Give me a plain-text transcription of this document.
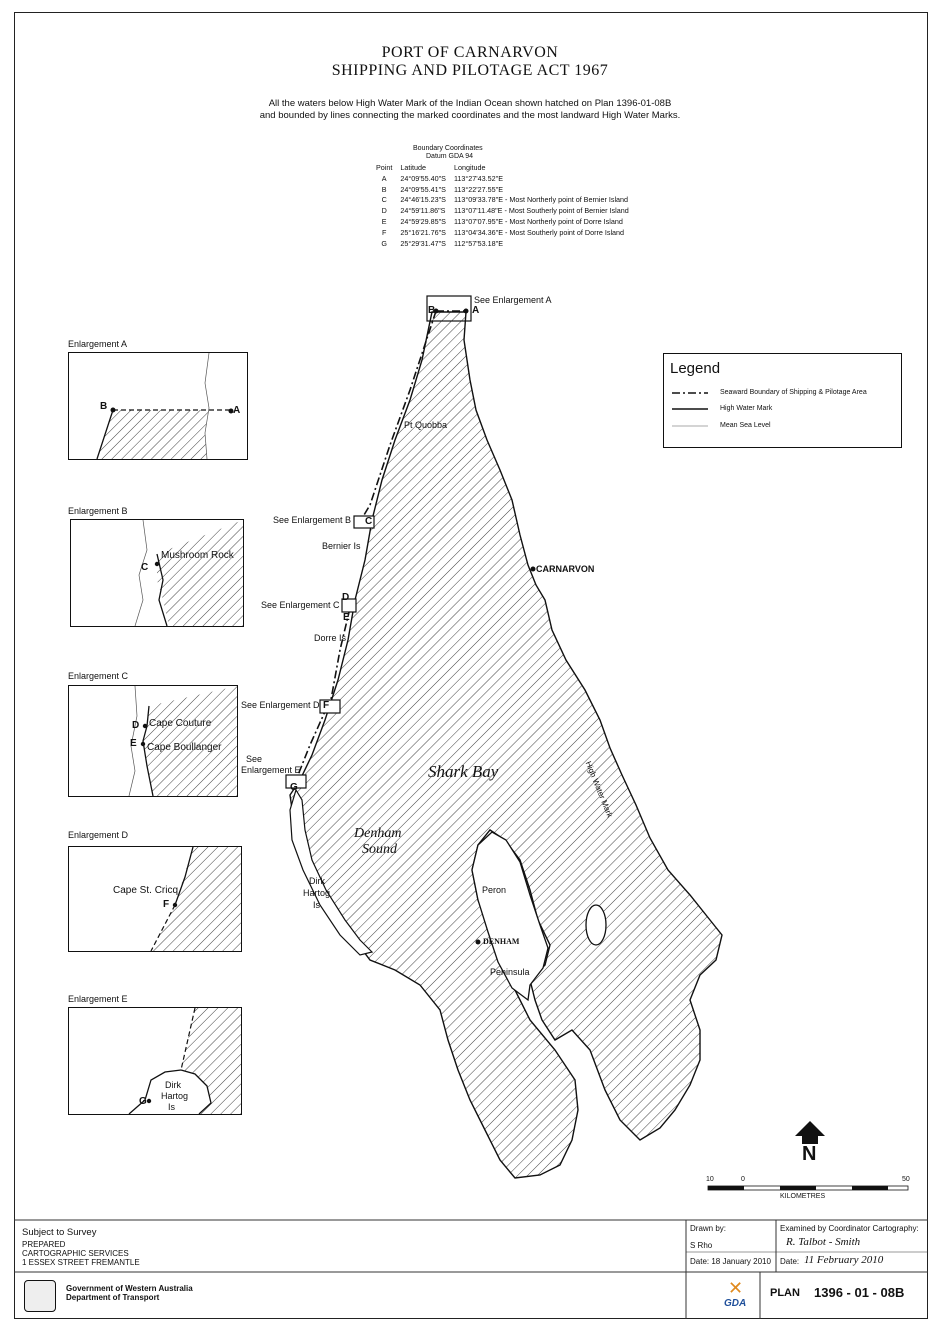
PORT OF CARNARVON
SHIPPING AND PILOTAGE ACT 1967
All the waters below High Water Mark of the Indian Ocean shown hatched on Plan 1396-01-08B
and bounded by lines connecting the marked coordinates and the most landward High Water Marks.
Boundary Coordinates
Datum GDA 94
Point	Latitude	Longitude
A	24°09'55.40"S	113°27'43.52"E
B	24°09'55.41"S	113°22'27.55"E
C	24°46'15.23"S	113°09'33.78"E - Most Northerly point of Bernier Island
D	24°59'11.86"S	113°07'11.48"E - Most Southerly point of Bernier Island
E	24°59'29.85"S	113°07'07.95"E - Most Northerly point of Dorre Island
F	25°16'21.76"S	113°04'34.36"E - Most Southerly point of Dorre Island
G	25°29'31.47"S	112°57'53.18"E
See Enlargement A
B	A
Pt Quobba
See Enlargement B
Bernier Is
CARNARVON
See Enlargement C
Dorre Is
See Enlargement D
See
Enlargement E	Shark Bay
Denham
Sound
Dirk
Hartog
Is
Peron
DENHAM
Peninsula
High Water Mark
Legend
Seaward Boundary of Shipping & Pilotage Area
High Water Mark
Mean Sea Level
Enlargement A
B	A
Enlargement B
Mushroom Rock
C
Enlargement C
Cape Couture
Cape Boullanger
D
E
Enlargement D
Cape St. Cricq
F
Enlargement E
Dirk
Hartog
Is
G
C
D
E
F
G
N
10	0	50
KILOMETRES
Subject to Survey
PREPARED
CARTOGRAPHIC SERVICES
1 ESSEX STREET FREMANTLE
Government of Western Australia
Department of Transport
Drawn by:
S Rho
Date: 18 January 2010
Examined by Coordinator Cartography:
R. Talbot - Smith
Date: 11 February 2010
✕
GDA
PLAN 1396 - 01 - 08B
